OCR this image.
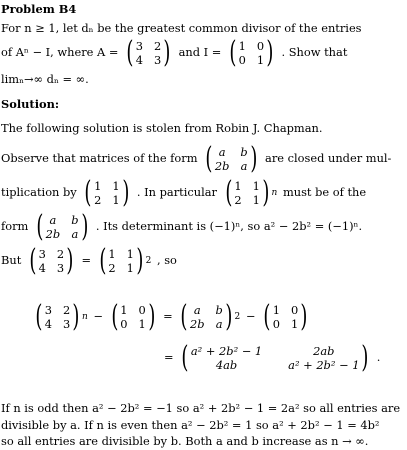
Problem B4
For n ≥ 1, let dₙ be the greatest common divisor of the entries
of Aⁿ − I, where A = ( 3 2
4 3 ) and I = ( 1 0
0 1 ) . Show that
limₙ→∞ dₙ = ∞.
Solution:
The following solution is stolen from Robin J. Chapman.
Observe that matrices of the form ( a	b
2b a ) are closed under mul-
tiplication by ( 1 1
2 1 ) . In particular ( 1 1
2 1 ) n must be of the
form ( a	b
2b a ) . Its determinant is (−1)ⁿ, so a² − 2b² = (−1)ⁿ.
But ( 3 2
4 3 ) = ( 1 1
2 1 ) 2 , so
( 3 2
4 3 ) n − ( 1 0
0 1 ) = ( a	b
2b a ) 2 − ( 1 0
0 1 )
= ( a² + 2b² − 1	2ab
4ab	a² + 2b² − 1 ) .
If n is odd then a² − 2b² = −1 so a² + 2b² − 1 = 2a² so all entries are
divisible by a. If n is even then a² − 2b² = 1 so a² + 2b² − 1 = 4b²
so all entries are divisible by b. Both a and b increase as n → ∞.
